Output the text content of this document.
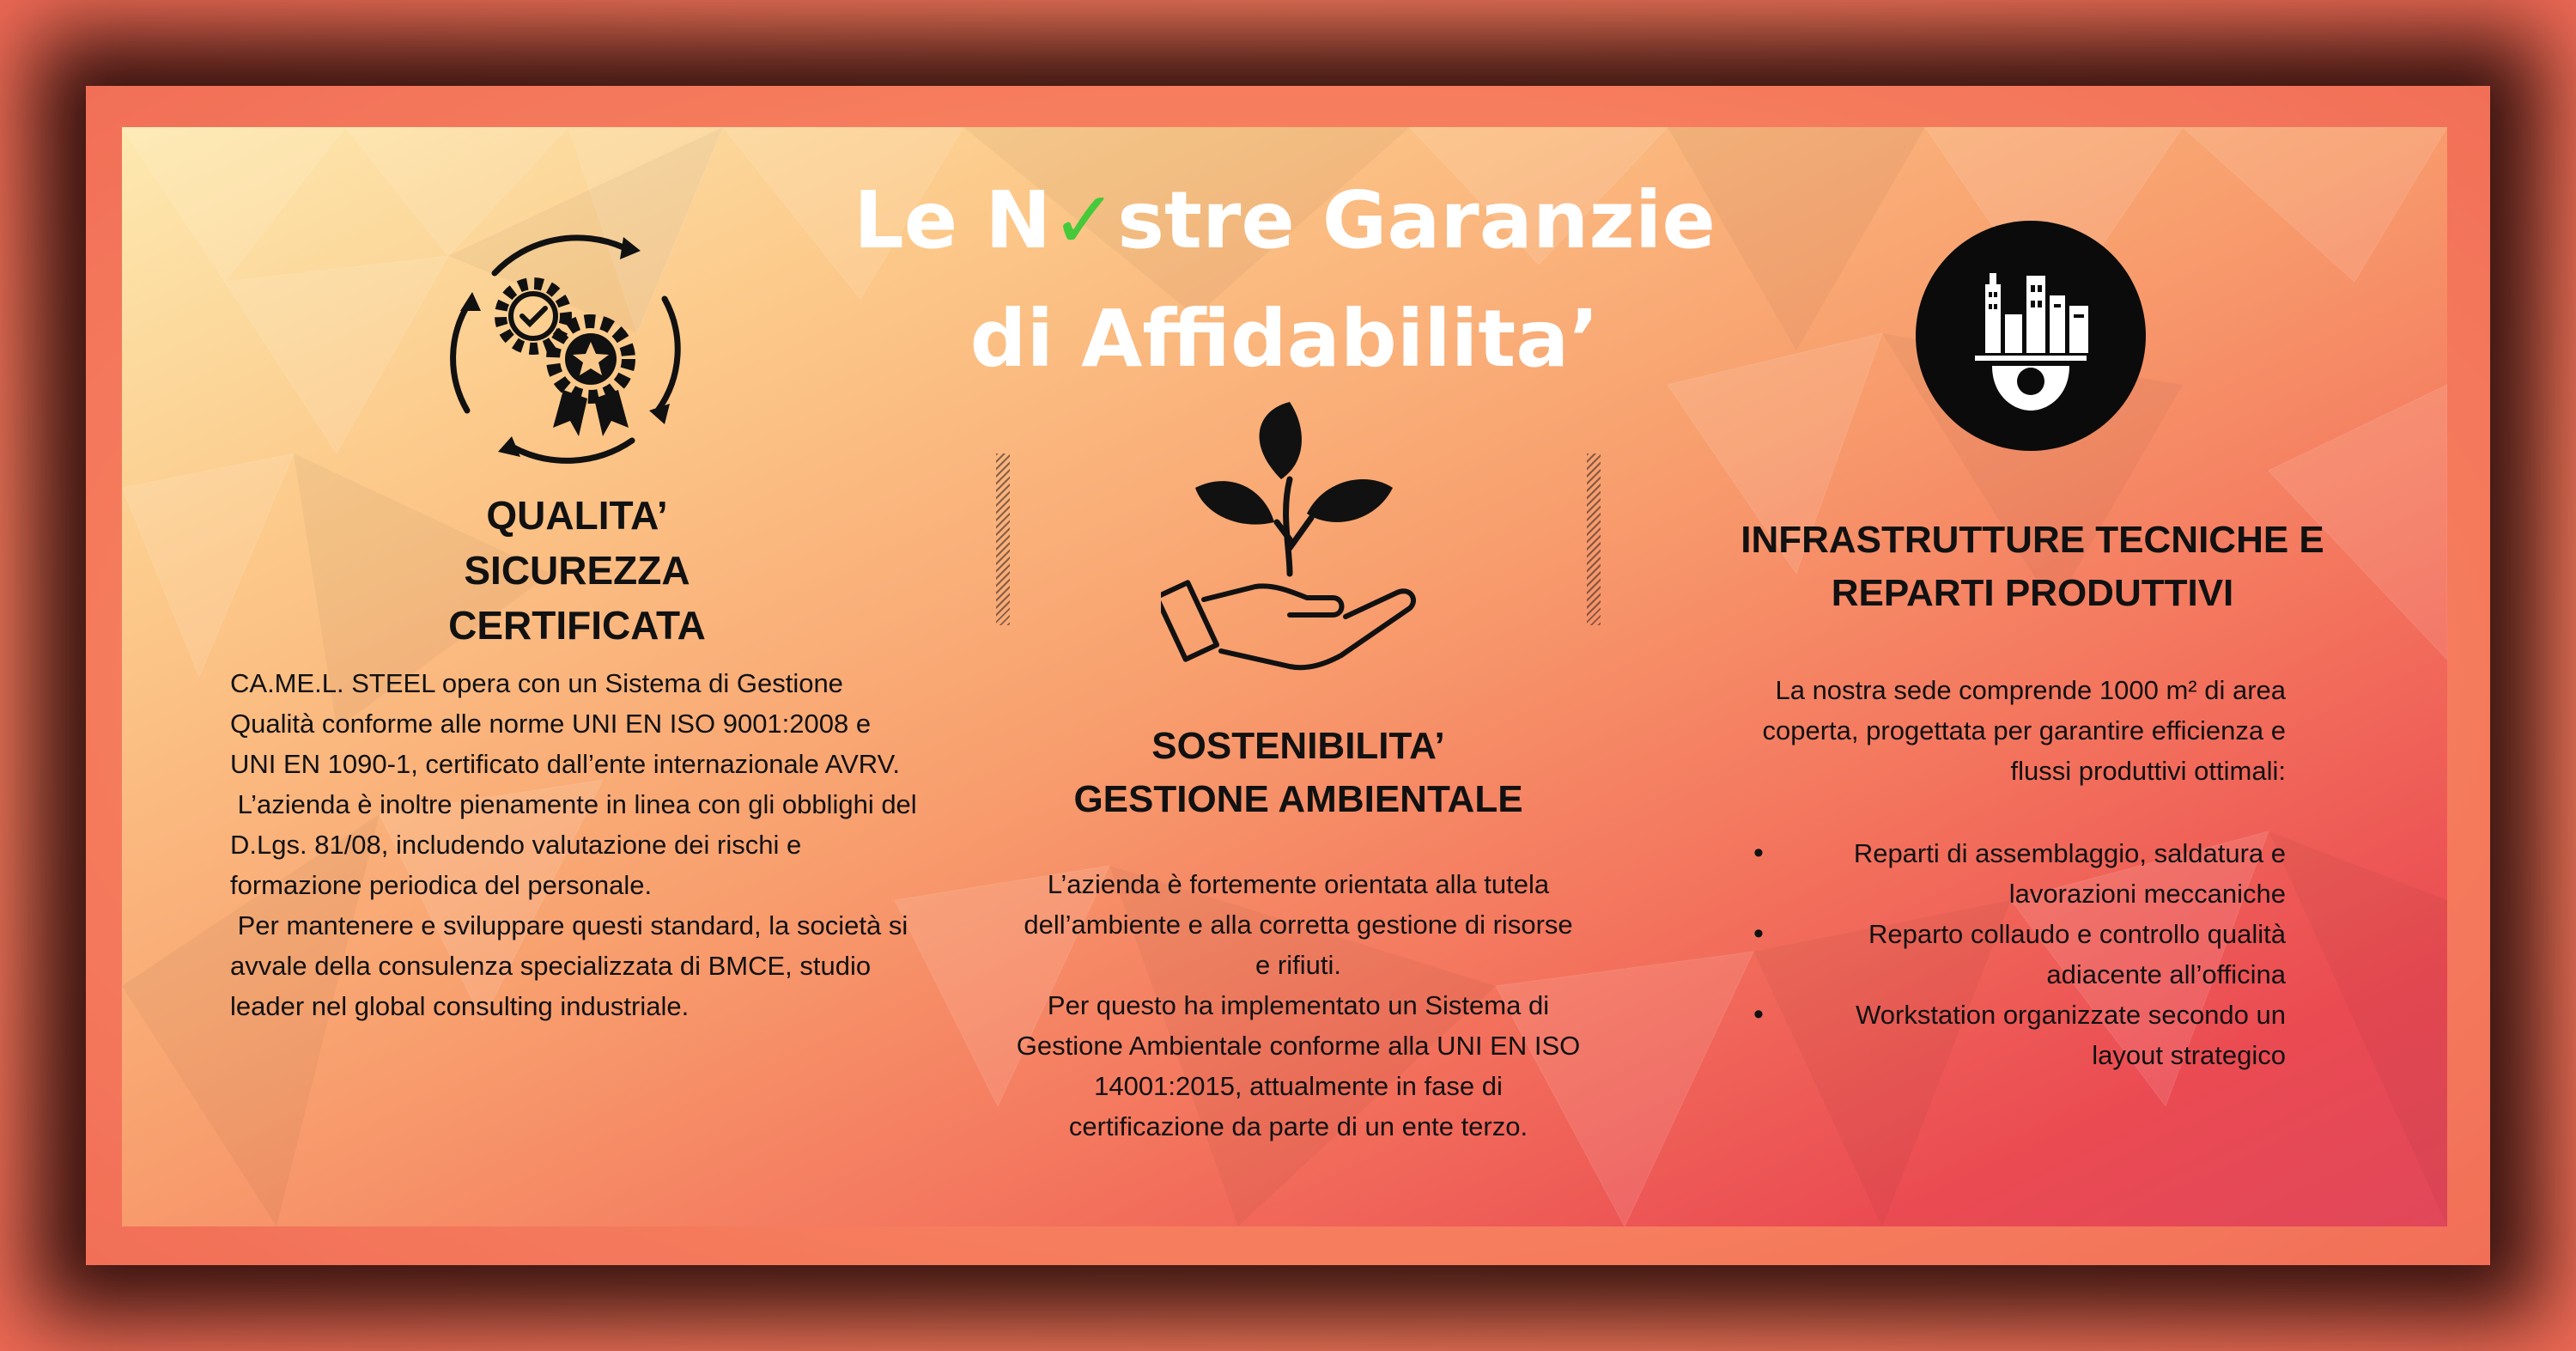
Le N✓stre Garanzie
di Affidabilita’
QUALITA’
SICUREZZA
CERTIFICATA

CA.ME.L. STEEL opera con un Sistema di Gestione Qualità conforme alle norme UNI EN ISO 9001:2008 e UNI EN 1090-1, certificato dall’ente internazionale AVRV.

L’azienda è inoltre pienamente in linea con gli obblighi del D.Lgs. 81/08, includendo valutazione dei rischi e formazione periodica del personale.

Per mantenere e sviluppare questi standard, la società si avvale della consulenza specializzata di BMCE, studio leader nel global consulting industriale.

SOSTENIBILITA’
GESTIONE AMBIENTALE

L’azienda è fortemente orientata alla tutela dell’ambiente e alla corretta gestione di risorse e rifiuti.

Per questo ha implementato un Sistema di Gestione Ambientale conforme alla UNI EN ISO 14001:2015, attualmente in fase di certificazione da parte di un ente terzo.

INFRASTRUTTURE TECNICHE E
REPARTI PRODUTTIVI

La nostra sede comprende 1000 m² di area coperta, progettata per garantire efficienza e flussi produttivi ottimali:

•	Reparti di assemblaggio, saldatura e lavorazioni meccaniche
•	Reparto collaudo e controllo qualità adiacente all’officina
•	Workstation organizzate secondo un layout strategico
